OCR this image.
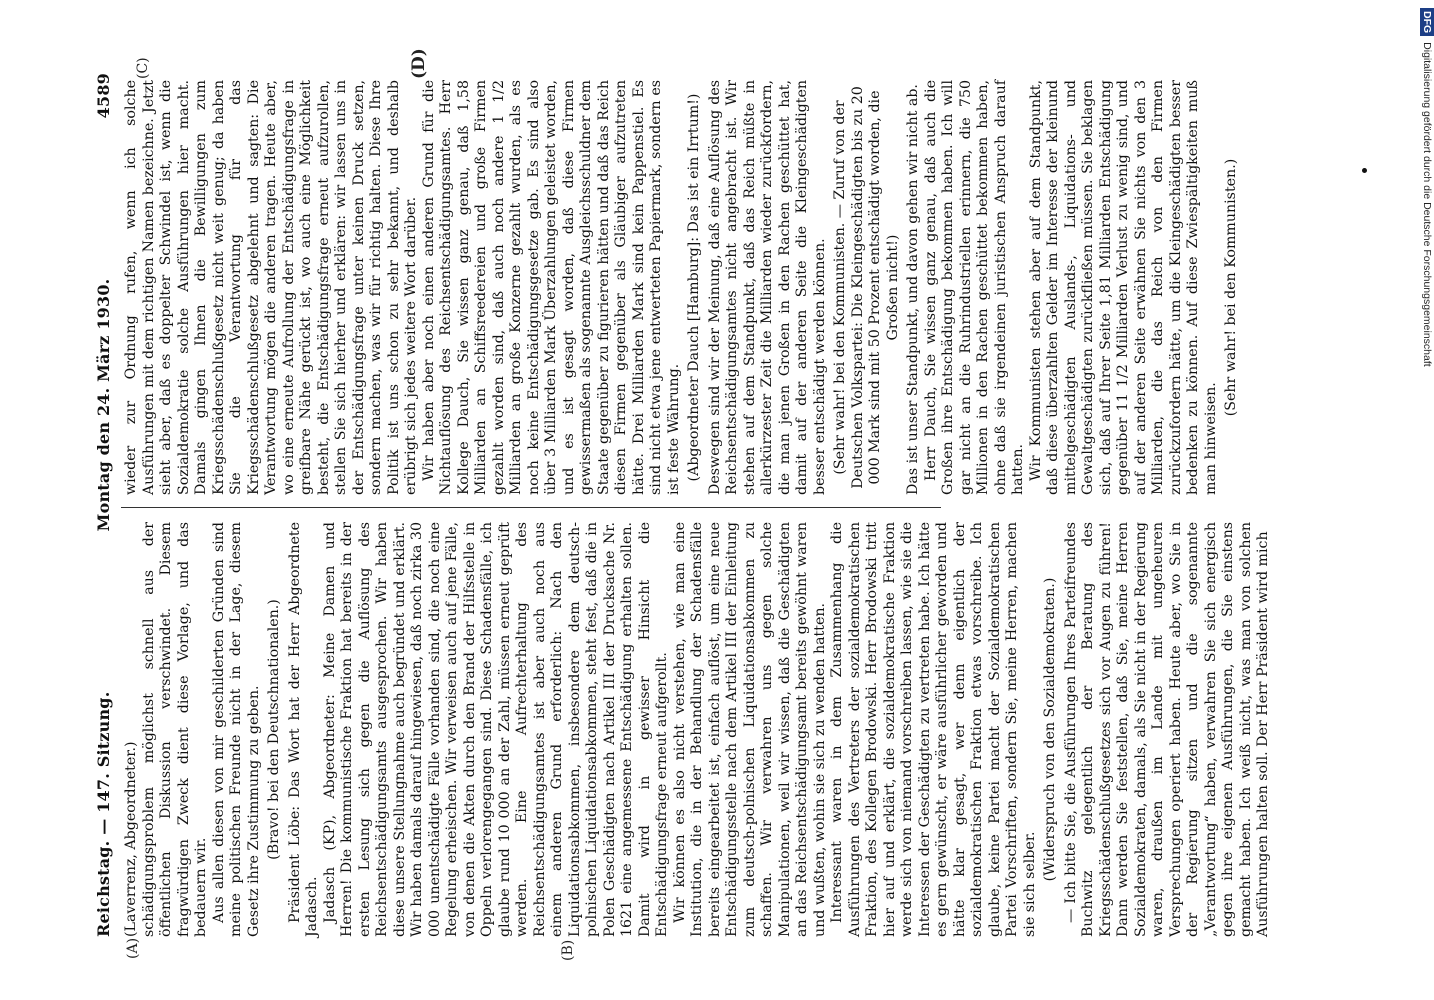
Reichstag. — 147. Sitzung.
Montag den 24. März 1930.
4589
(A)	(B)
(C)	(D)

(Laverrenz, Abgeordneter.) schädigungsproblem möglichst schnell aus der öffentlichen Diskussion verschwindet. Diesem fragwürdigen Zweck dient diese Vorlage, und das bedauern wir. Aus allen diesen von mir geschilderten Gründen sind meine politischen Freunde nicht in der Lage, diesem Gesetz ihre Zustimmung zu geben. (Bravo! bei den Deutschnationalen.) Präsident Löbe: Das Wort hat der Herr Abgeordnete Jadasch. Jadasch (KP), Abgeordneter: Meine Damen und Herren! Die kommunistische Fraktion hat bereits in der ersten Lesung sich gegen die Auflösung des Reichsentschädigungsamts ausgesprochen. Wir haben diese unsere Stellungnahme auch begründet und erklärt. Wir haben damals darauf hingewiesen, daß noch zirka 30 000 unentschädigte Fälle vorhanden sind, die noch eine Regelung erheischen. Wir verweisen auch auf jene Fälle, von denen die Akten durch den Brand der Hilfsstelle in Oppeln verlorengegangen sind. Diese Schadensfälle, ich glaube rund 10 000 an der Zahl, müssen erneut geprüft werden. Eine Aufrechterhaltung des Reichsentschädigungsamtes ist aber auch noch aus einem anderen Grund erforderlich: Nach den Liquidationsabkommen, insbesondere dem deutsch-polnischen Liquidationsabkommen, steht fest, daß die in Polen Geschädigten nach Artikel III der Drucksache Nr. 1621 eine angemessene Entschädigung erhalten sollen. Damit wird in gewisser Hinsicht die Entschädigungsfrage erneut aufgerollt. Wir können es also nicht verstehen, wie man eine Institution, die in der Behandlung der Schadensfälle bereits eingearbeitet ist, einfach auflöst, um eine neue Entschädigungsstelle nach dem Artikel III der Einleitung zum deutsch-polnischen Liquidationsabkommen zu schaffen. Wir verwahren uns gegen solche Manipulationen, weil wir wissen, daß die Geschädigten an das Reichsentschädigungsamt bereits gewöhnt waren und wußten, wohin sie sich zu wenden hatten. Interessant waren in dem Zusammenhang die Ausführungen des Vertreters der sozialdemokratischen Fraktion, des Kollegen Brodowski. Herr Brodowski tritt hier auf und erklärt, die sozialdemokratische Fraktion werde sich von niemand vorschreiben lassen, wie sie die Interessen der Geschädigten zu vertreten habe. Ich hätte es gern gewünscht, er wäre ausführlicher geworden und hätte klar gesagt, wer denn eigentlich der sozialdemokratischen Fraktion etwas vorschreibe. Ich glaube, keine Partei macht der Sozialdemokratischen Partei Vorschriften, sondern Sie, meine Herren, machen sie sich selber.

(Widerspruch von den Sozialdemokraten.) — Ich bitte Sie, die Ausführungen Ihres Parteifreundes Buchwitz gelegentlich der Beratung des Kriegsschädenschlußgesetzes sich vor Augen zu führen! Dann werden Sie feststellen, daß Sie, meine Herren Sozialdemokraten, damals, als Sie nicht in der Regierung waren, draußen im Lande mit ungeheuren Versprechungen operiert haben. Heute aber, wo Sie in der Regierung sitzen und die sogenannte „Verantwortung“ haben, verwahren Sie sich energisch gegen ihre eigenen Ausführungen, die Sie einstens gemacht haben. Ich weiß nicht, was man von solchen Ausführungen halten soll. Der Herr Präsident wird mich

wieder zur Ordnung rufen, wenn ich solche Ausführungen mit dem richtigen Namen bezeichne. Jetzt sieht aber, daß es doppelter Schwindel ist, wenn die Sozialdemokratie solche Ausführungen hier macht. Damals gingen Ihnen die Bewilligungen zum Kriegsschädenschlußgesetz nicht weit genug; da haben Sie die Verantwortung für das Kriegsschädenschlußgesetz abgelehnt und sagten: Die Verantwortung mögen die anderen tragen. Heute aber, wo eine erneute Aufrollung der Entschädigungsfrage in greifbare Nähe gerückt ist, wo auch eine Möglichkeit besteht, die Entschädigungsfrage erneut aufzurollen, stellen Sie sich hierher und erklären: wir lassen uns in der Entschädigungsfrage unter keinen Druck setzen, sondern machen, was wir für richtig halten. Diese Ihre Politik ist uns schon zu sehr bekannt, und deshalb erübrigt sich jedes weitere Wort darüber. Wir haben aber noch einen anderen Grund für die Nichtauflösung des Reichsentschädigungsamtes. Herr Kollege Dauch, Sie wissen ganz genau, daß 1,58 Milliarden an Schiffsreedereien und große Firmen gezahlt worden sind, daß auch noch andere 1 1/2 Milliarden an große Konzerne gezahlt wurden, als es noch keine Entschädigungsgesetze gab. Es sind also über 3 Milliarden Mark Überzahlungen geleistet worden, und es ist gesagt worden, daß diese Firmen gewissermaßen als sogenannte Ausgleichsschuldner dem Staate gegenüber zu figurieren hätten und daß das Reich diesen Firmen gegenüber als Gläubiger aufzutreten hätte. Drei Milliarden Mark sind kein Pappenstiel. Es sind nicht etwa jene entwerteten Papiermark, sondern es ist feste Währung. (Abgeordneter Dauch [Hamburg]: Das ist ein Irrtum!) Deswegen sind wir der Meinung, daß eine Auflösung des Reichsentschädigungsamtes nicht angebracht ist. Wir stehen auf dem Standpunkt, daß das Reich müßte in allerkürzester Zeit die Milliarden wieder zurückfordern, die man jenen Großen in den Rachen geschüttet hat, damit auf der anderen Seite die Kleingeschädigten besser entschädigt werden können. (Sehr wahr! bei den Kommunisten. — Zuruf von der Deutschen Volkspartei: Die Kleingeschädigten bis zu 20 000 Mark sind mit 50 Prozent entschädigt worden, die Großen nicht!) Das ist unser Standpunkt, und davon gehen wir nicht ab. Herr Dauch, Sie wissen ganz genau, daß auch die Großen ihre Entschädigung bekommen haben. Ich will gar nicht an die Ruhrindustriellen erinnern, die 750 Millionen in den Rachen geschüttet bekommen haben, ohne daß sie irgendeinen juristischen Anspruch darauf hatten. Wir Kommunisten stehen aber auf dem Standpunkt, daß diese überzahlten Gelder im Interesse der kleinund mittelgeschädigten Auslands-, Liquidations- und Gewaltgeschädigten zurückfließen müssen. Sie beklagen sich, daß auf Ihrer Seite 1,81 Milliarden Entschädigung gegenüber 11 1/2 Milliarden Verlust zu wenig sind, und auf der anderen Seite erwähnen Sie nichts von den 3 Milliarden, die das Reich von den Firmen zurückzufordern hätte, um die Kleingeschädigten besser bedenken zu können. Auf diese Zwiespältigkeiten muß man hinweisen.

(Sehr wahr! bei den Kommunisten.)

DFGDigitalisierung gefördert durch die Deutsche Forschungsgemeinschaft
